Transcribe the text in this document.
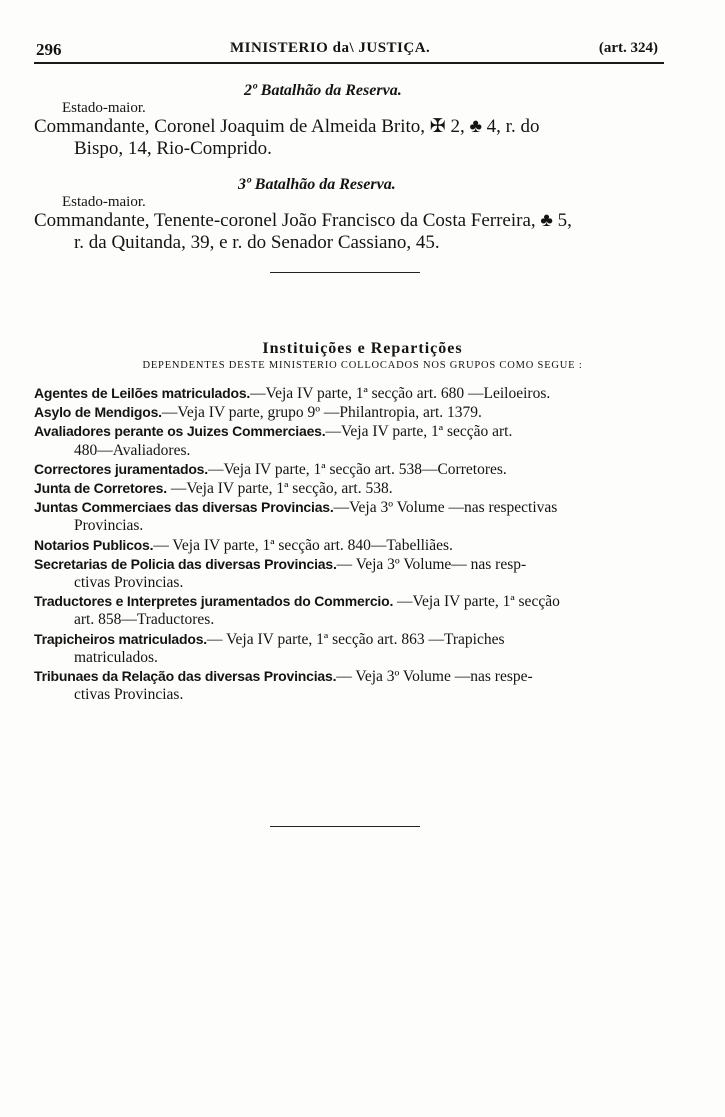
296	MINISTERIO da\ JUSTIÇA.	(art. 324)
2º Batalhão da Reserva.
Estado-maior.
Commandante, Coronel Joaquim de Almeida Brito, ✠ 2, ♣ 4, r. do
Bispo, 14, Rio-Comprido.
3º Batalhão da Reserva.
Estado-maior.
Commandante, Tenente-coronel João Francisco da Costa Ferreira, ♣ 5,
r. da Quitanda, 39, e r. do Senador Cassiano, 45.
Instituições e Repartições
DEPENDENTES DESTE MINISTERIO COLLOCADOS NOS GRUPOS COMO SEGUE :

Agentes de Leilões matriculados.—Veja IV parte, 1ª secção art. 680 —Leiloeiros.

Asylo de Mendigos.—Veja IV parte, grupo 9º —Philantropia, art. 1379.

Avaliadores perante os Juizes Commerciaes.—Veja IV parte, 1ª secção art.
480—Avaliadores.

Correctores juramentados.—Veja IV parte, 1ª secção art. 538—Corretores.

Junta de Corretores. —Veja IV parte, 1ª secção, art. 538.

Juntas Commerciaes das diversas Provincias.—Veja 3º Volume —nas respectivas
Provincias.

Notarios Publicos.— Veja IV parte, 1ª secção art. 840—Tabelliães.

Secretarias de Policia das diversas Provincias.— Veja 3º Volume— nas resp-
ctivas Provincias.

Traductores e Interpretes juramentados do Commercio. —Veja IV parte, 1ª secção
art. 858—Traductores.

Trapicheiros matriculados.— Veja IV parte, 1ª secção art. 863 —Trapiches
matriculados.

Tribunaes da Relação das diversas Provincias.— Veja 3º Volume —nas respe-
ctivas Provincias.
